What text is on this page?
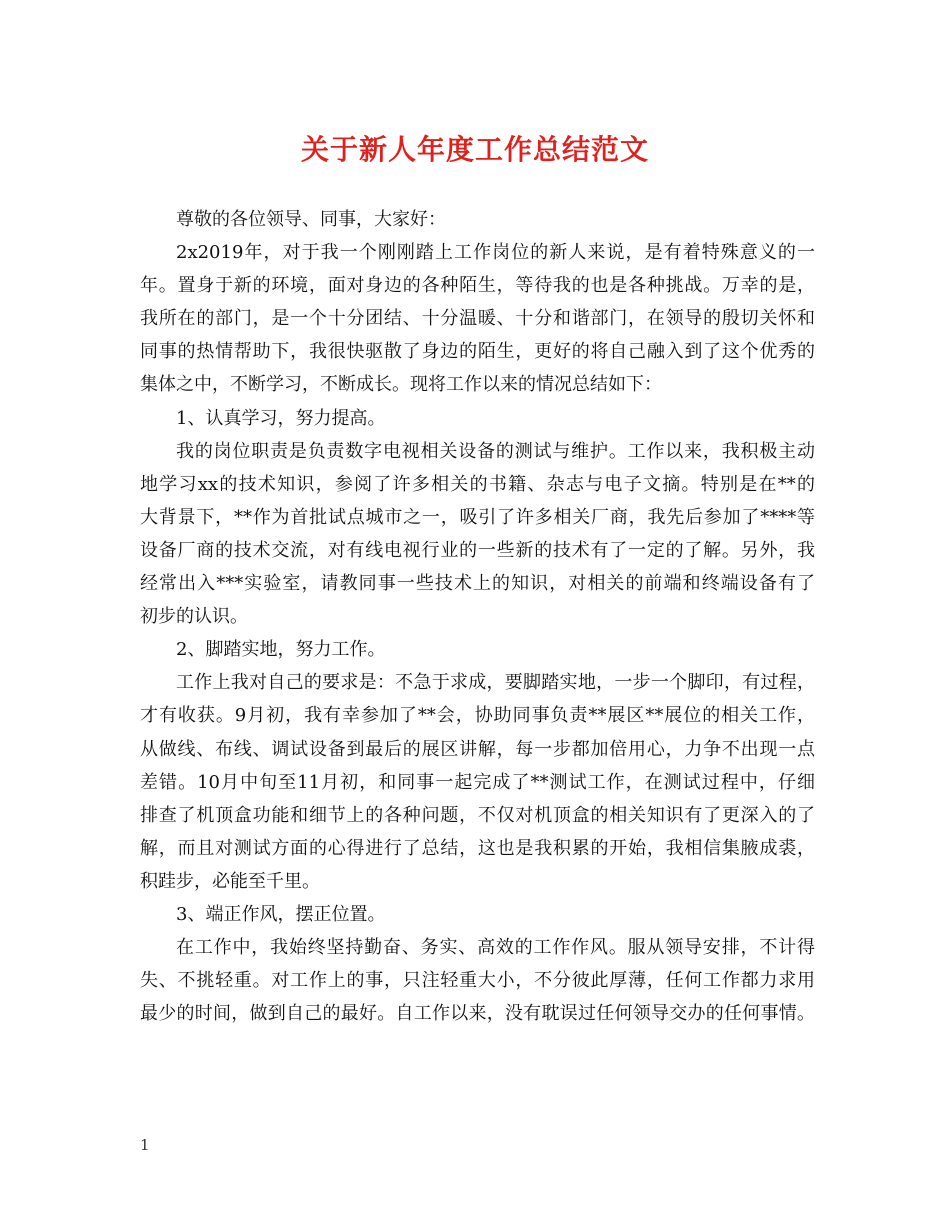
关于新人年度工作总结范文
尊敬的各位领导、同事，大家好：
2x2019年，对于我一个刚刚踏上工作岗位的新人来说，是有着特殊意义的一
年。置身于新的环境，面对身边的各种陌生，等待我的也是各种挑战。万幸的是，
我所在的部门，是一个十分团结、十分温暖、十分和谐部门，在领导的殷切关怀和
同事的热情帮助下，我很快驱散了身边的陌生，更好的将自己融入到了这个优秀的
集体之中，不断学习，不断成长。现将工作以来的情况总结如下：
1、认真学习，努力提高。
我的岗位职责是负责数字电视相关设备的测试与维护。工作以来，我积极主动
地学习xx的技术知识，参阅了许多相关的书籍、杂志与电子文摘。特别是在**的
大背景下，**作为首批试点城市之一，吸引了许多相关厂商，我先后参加了****等
设备厂商的技术交流，对有线电视行业的一些新的技术有了一定的了解。另外，我
经常出入***实验室，请教同事一些技术上的知识，对相关的前端和终端设备有了
初步的认识。
2、脚踏实地，努力工作。
工作上我对自己的要求是：不急于求成，要脚踏实地，一步一个脚印，有过程，
才有收获。9月初，我有幸参加了**会，协助同事负责**展区**展位的相关工作，
从做线、布线、调试设备到最后的展区讲解，每一步都加倍用心，力争不出现一点
差错。10月中旬至11月初，和同事一起完成了**测试工作，在测试过程中，仔细
排查了机顶盒功能和细节上的各种问题，不仅对机顶盒的相关知识有了更深入的了
解，而且对测试方面的心得进行了总结，这也是我积累的开始，我相信集腋成裘，
积跬步，必能至千里。
3、端正作风，摆正位置。
在工作中，我始终坚持勤奋、务实、高效的工作作风。服从领导安排，不计得
失、不挑轻重。对工作上的事，只注轻重大小，不分彼此厚薄，任何工作都力求用
最少的时间，做到自己的最好。自工作以来，没有耽误过任何领导交办的任何事情。
1
